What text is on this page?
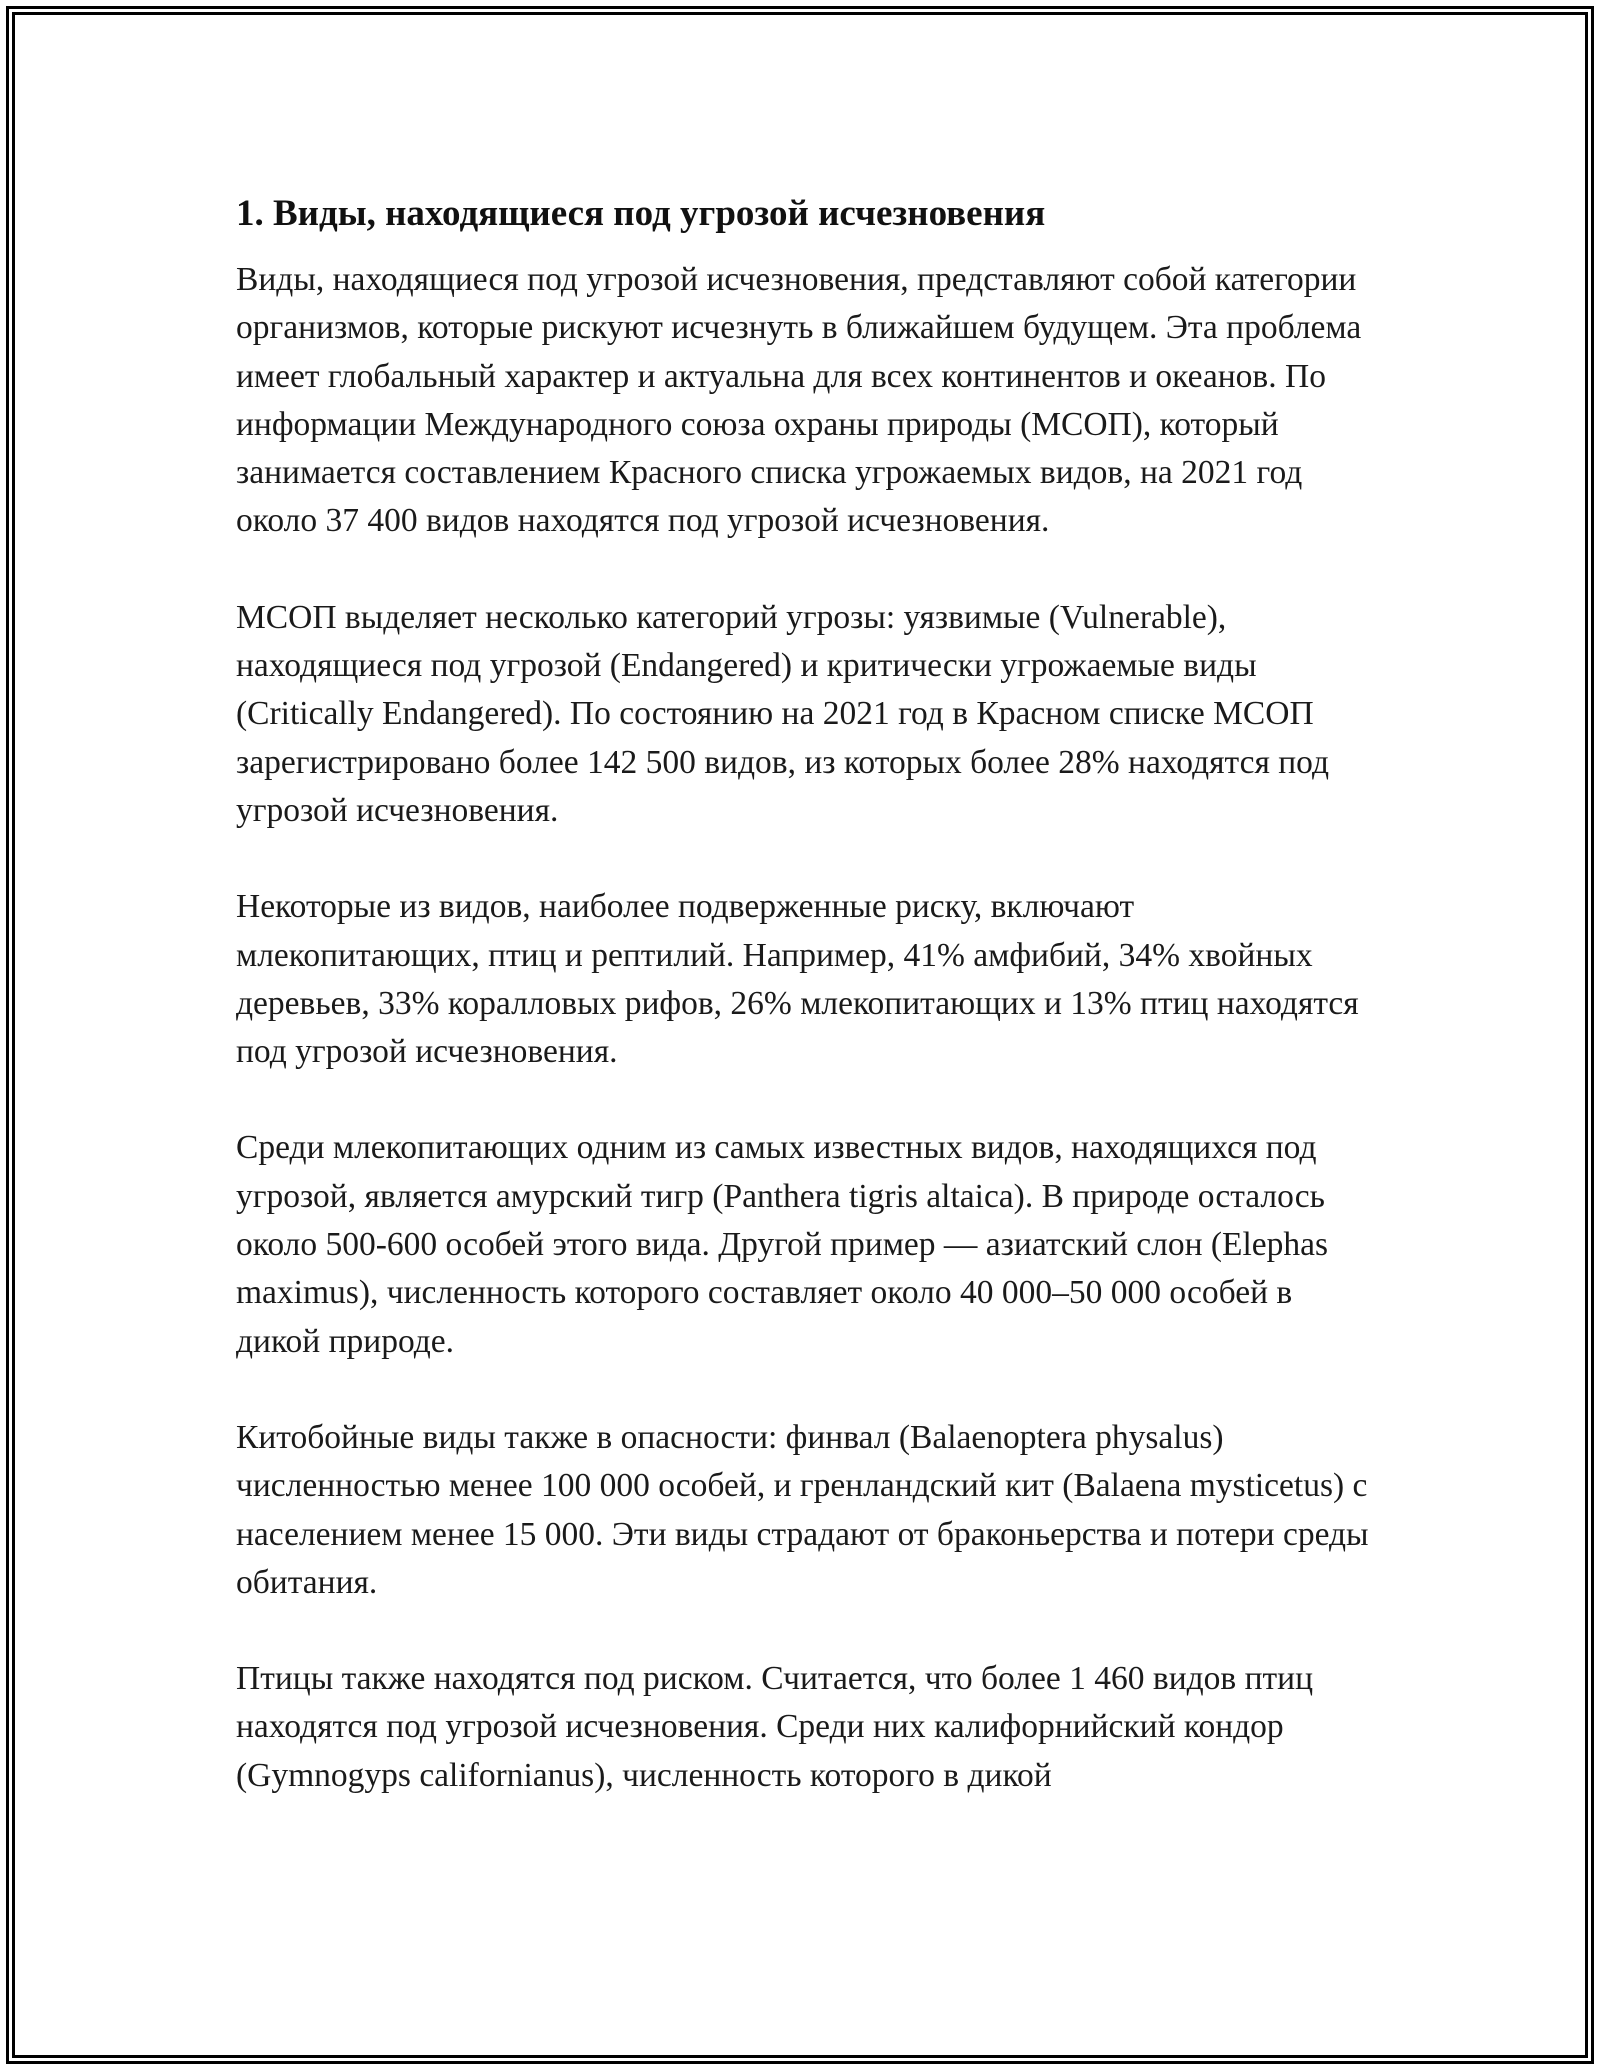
1. Виды, находящиеся под угрозой исчезновения

Виды, находящиеся под угрозой исчезновения, представляют собой категории организмов, которые рискуют исчезнуть в ближайшем будущем. Эта проблема имеет глобальный характер и актуальна для всех континентов и океанов. По информации Международного союза охраны природы (МСОП), который занимается составлением Красного списка угрожаемых видов, на 2021 год около 37 400 видов находятся под угрозой исчезновения.

МСОП выделяет несколько категорий угрозы: уязвимые (Vulnerable), находящиеся под угрозой (Endangered) и критически угрожаемые виды (Critically Endangered). По состоянию на 2021 год в Красном списке МСОП зарегистрировано более 142 500 видов, из которых более 28% находятся под угрозой исчезновения.

Некоторые из видов, наиболее подверженные риску, включают млекопитающих, птиц и рептилий. Например, 41% амфибий, 34% хвойных деревьев, 33% коралловых рифов, 26% млекопитающих и 13% птиц находятся под угрозой исчезновения.

Среди млекопитающих одним из самых известных видов, находящихся под угрозой, является амурский тигр (Panthera tigris altaica). В природе осталось около 500-600 особей этого вида. Другой пример — азиатский слон (Elephas maximus), численность которого составляет около 40 000–50 000 особей в дикой природе.

Китобойные виды также в опасности: финвал (Balaenoptera physalus) численностью менее 100 000 особей, и гренландский кит (Balaena mysticetus) с населением менее 15 000. Эти виды страдают от браконьерства и потери среды обитания.

Птицы также находятся под риском. Считается, что более 1 460 видов птиц находятся под угрозой исчезновения. Среди них калифорнийский кондор (Gymnogyps californianus), численность которого в дикой
